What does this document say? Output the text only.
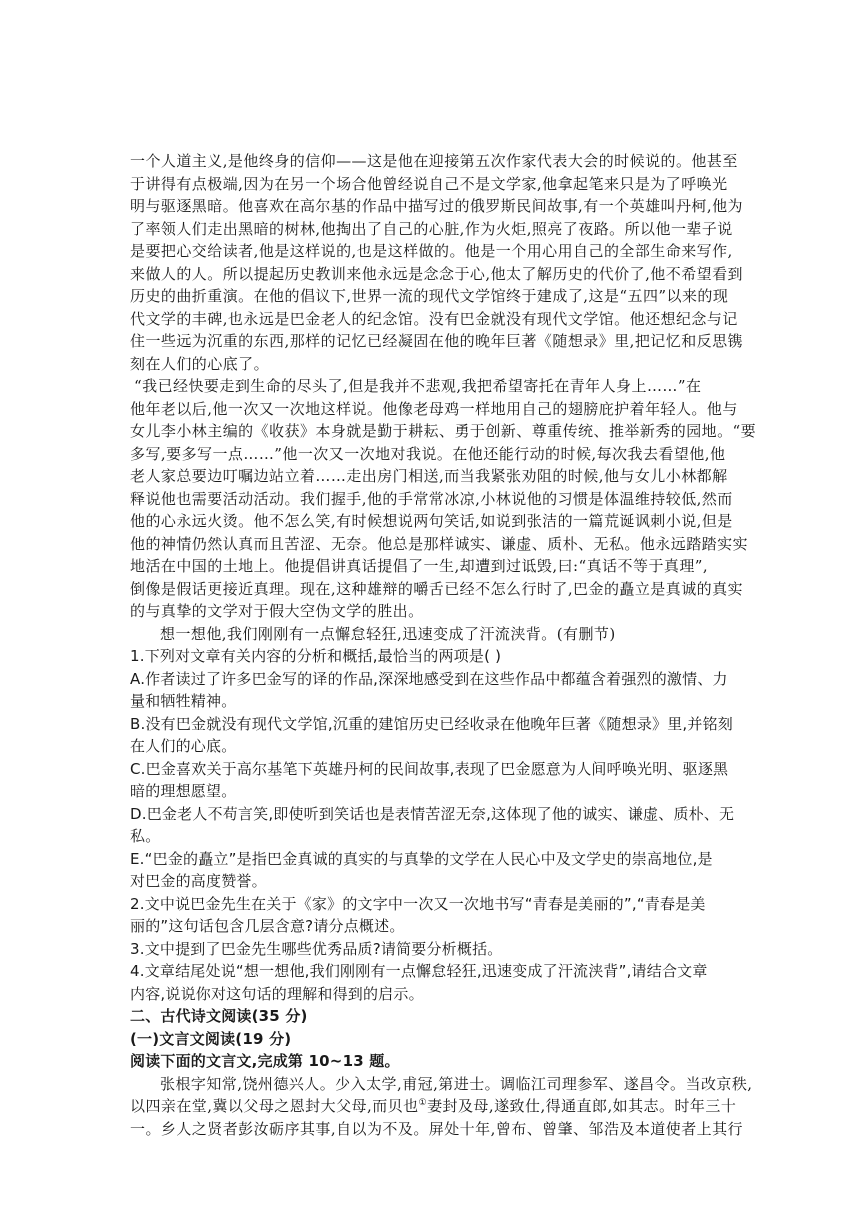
一个人道主义,是他终身的信仰——这是他在迎接第五次作家代表大会的时候说的。他甚至
于讲得有点极端,因为在另一个场合他曾经说自己不是文学家,他拿起笔来只是为了呼唤光
明与驱逐黑暗。他喜欢在高尔基的作品中描写过的俄罗斯民间故事,有一个英雄叫丹柯,他为
了率领人们走出黑暗的树林,他掏出了自己的心脏,作为火炬,照亮了夜路。所以他一辈子说
是要把心交给读者,他是这样说的,也是这样做的。他是一个用心用自己的全部生命来写作,
来做人的人。所以提起历史教训来他永远是念念于心,他太了解历史的代价了,他不希望看到
历史的曲折重演。在他的倡议下,世界一流的现代文学馆终于建成了,这是“五四”以来的现
代文学的丰碑,也永远是巴金老人的纪念馆。没有巴金就没有现代文学馆。他还想纪念与记
住一些远为沉重的东西,那样的记忆已经凝固在他的晚年巨著《随想录》里,把记忆和反思镌
刻在人们的心底了。
“我已经快要走到生命的尽头了,但是我并不悲观,我把希望寄托在青年人身上……”在
他年老以后,他一次又一次地这样说。他像老母鸡一样地用自己的翅膀庇护着年轻人。他与
女儿李小林主编的《收获》本身就是勤于耕耘、勇于创新、尊重传统、推举新秀的园地。“要
多写,要多写一点……”他一次又一次地对我说。在他还能行动的时候,每次我去看望他,他
老人家总要边叮嘱边站立着……走出房门相送,而当我紧张劝阻的时候,他与女儿小林都解
释说他也需要活动活动。我们握手,他的手常常冰凉,小林说他的习惯是体温维持较低,然而
他的心永远火烫。他不怎么笑,有时候想说两句笑话,如说到张洁的一篇荒诞讽刺小说,但是
他的神情仍然认真而且苦涩、无奈。他总是那样诚实、谦虚、质朴、无私。他永远踏踏实实
地活在中国的土地上。他提倡讲真话提倡了一生,却遭到过诋毁,曰:“真话不等于真理”,
倒像是假话更接近真理。现在,这种雄辩的嚼舌已经不怎么行时了,巴金的矗立是真诚的真实
的与真挚的文学对于假大空伪文学的胜出。
想一想他,我们刚刚有一点懈怠轻狂,迅速变成了汗流浃背。(有删节)
1.下列对文章有关内容的分析和概括,最恰当的两项是( )
A.作者读过了许多巴金写的译的作品,深深地感受到在这些作品中都蕴含着强烈的激情、力
量和牺牲精神。
B.没有巴金就没有现代文学馆,沉重的建馆历史已经收录在他晚年巨著《随想录》里,并铭刻
在人们的心底。
C.巴金喜欢关于高尔基笔下英雄丹柯的民间故事,表现了巴金愿意为人间呼唤光明、驱逐黑
暗的理想愿望。
D.巴金老人不苟言笑,即使听到笑话也是表情苦涩无奈,这体现了他的诚实、谦虚、质朴、无
私。
E.“巴金的矗立”是指巴金真诚的真实的与真挚的文学在人民心中及文学史的崇高地位,是
对巴金的高度赞誉。
2.文中说巴金先生在关于《家》的文字中一次又一次地书写“青春是美丽的”,“青春是美
丽的”这句话包含几层含意?请分点概述。
3.文中提到了巴金先生哪些优秀品质?请简要分析概括。
4.文章结尾处说“想一想他,我们刚刚有一点懈怠轻狂,迅速变成了汗流浃背”,请结合文章
内容,说说你对这句话的理解和得到的启示。
二、古代诗文阅读(35 分)
(一)文言文阅读(19 分)
阅读下面的文言文,完成第 10~13 题。
张根字知常,饶州德兴人。少入太学,甫冠,第进士。调临江司理参军、遂昌令。当改京秩,
以四亲在堂,冀以父母之恩封大父母,而贝也①妻封及母,遂致仕,得通直郎,如其志。时年三十
一。乡人之贤者彭汝砺序其事,自以为不及。屏处十年,曾布、曾肇、邹浩及本道使者上其行
